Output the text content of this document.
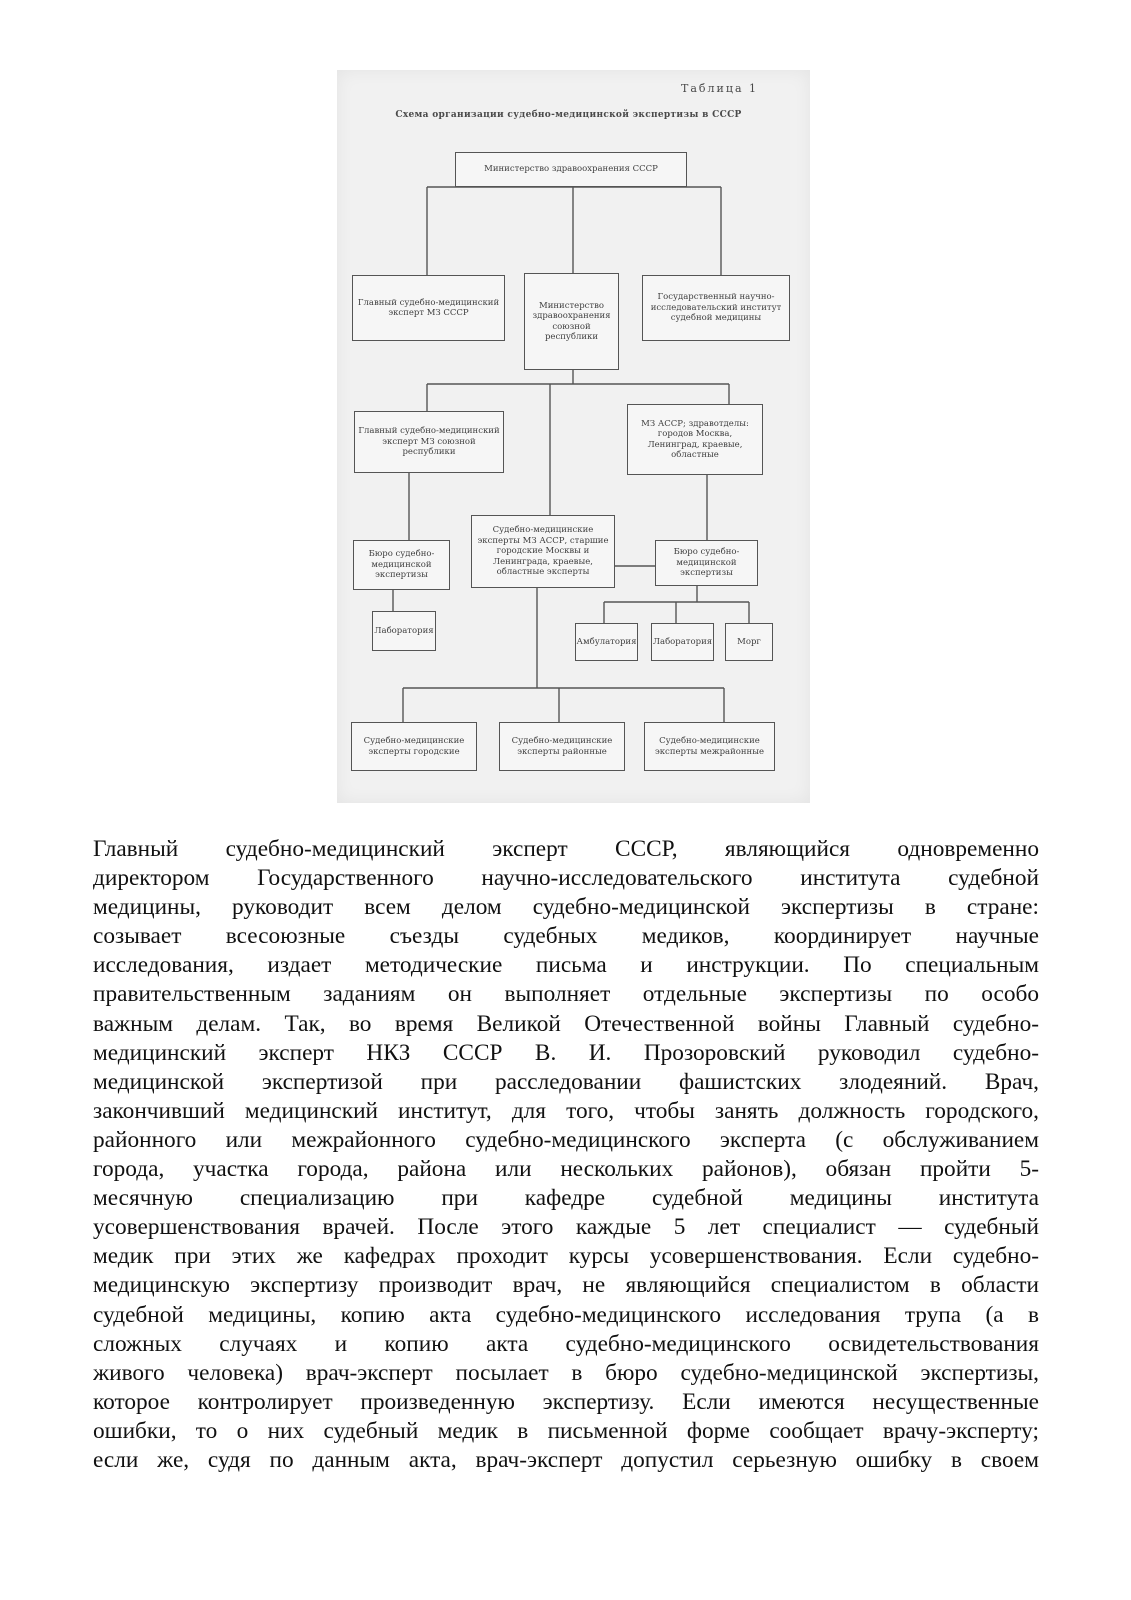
Таблица 1
Схема организации судебно-медицинской экспертизы в СССР
Министерство здравоохранения СССР
Главный судебно-медицинский эксперт МЗ СССР
Министерство здравоохранения союзной республики
Государственный научно-исследовательский институт судебной медицины
Главный судебно-медицинский эксперт МЗ союзной республики
МЗ АССР; здравотделы: городов Москва, Ленинград, краевые, областные
Судебно-медицинские эксперты МЗ АССР, старшие городские Москвы и Ленинграда, краевые, областные эксперты
Бюро судебно-медицинской экспертизы
Бюро судебно-медицинской экспертизы
Лаборатория
Амбулатория Лаборатория	Морг
Судебно-медицинские эксперты городские
Судебно-медицинские эксперты районные
Судебно-медицинские эксперты межрайонные
Главный судебно-медицинский эксперт СССР, являющийся одновременно
директором Государственного научно-исследовательского института судебной
медицины, руководит всем делом судебно-медицинской экспертизы в стране:
созывает всесоюзные съезды судебных медиков, координирует научные
исследования, издает методические письма и инструкции. По специальным
правительственным заданиям он выполняет отдельные экспертизы по особо
важным делам. Так, во время Великой Отечественной войны Главный судебно-
медицинский эксперт НКЗ СССР В. И. Прозоровский руководил судебно-
медицинской экспертизой при расследовании фашистских злодеяний. Врач,
закончивший медицинский институт, для того, чтобы занять должность городского,
районного или межрайонного судебно-медицинского эксперта (с обслуживанием
города, участка города, района или нескольких районов), обязан пройти 5-
месячную специализацию при кафедре судебной медицины института
усовершенствования врачей. После этого каждые 5 лет специалист — судебный
медик при этих же кафедрах проходит курсы усовершенствования. Если судебно-
медицинскую экспертизу производит врач, не являющийся специалистом в области
судебной медицины, копию акта судебно-медицинского исследования трупа (а в
сложных случаях и копию акта судебно-медицинского освидетельствования
живого человека) врач-эксперт посылает в бюро судебно-медицинской экспертизы,
которое контролирует произведенную экспертизу. Если имеются несущественные
ошибки, то о них судебный медик в письменной форме сообщает врачу-эксперту;
если же, судя по данным акта, врач-эксперт допустил серьезную ошибку в своем
